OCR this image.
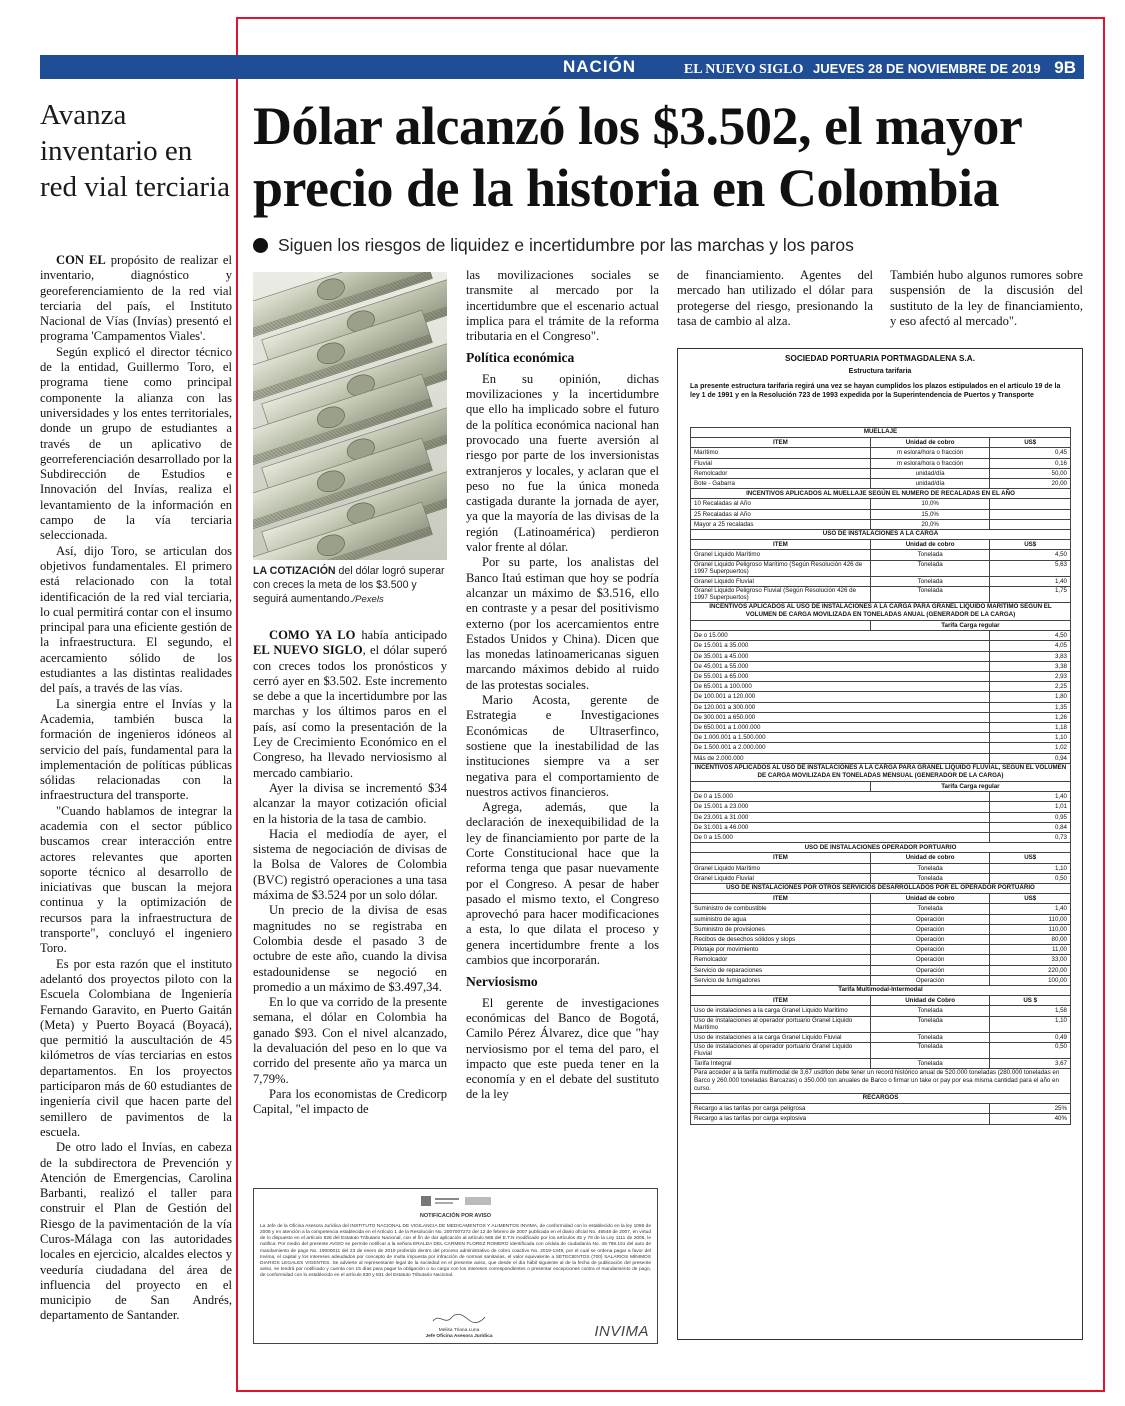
NACIÓN	EL NUEVO SIGLO JUEVES 28 DE NOVIEMBRE DE 2019 9B
Avanza inventario en red vial terciaria

CON EL propósito de realizar el inventario, diagnóstico y georeferenciamiento de la red vial terciaria del país, el Instituto Nacional de Vías (Invías) presentó el programa 'Campamentos Viales'.

Según explicó el director técnico de la entidad, Guillermo Toro, el programa tiene como principal componente la alianza con las universidades y los entes territoriales, donde un grupo de estudiantes a través de un aplicativo de georreferenciación desarrollado por la Subdirección de Estudios e Innovación del Invías, realiza el levantamiento de la información en campo de la vía terciaria seleccionada.

Así, dijo Toro, se articulan dos objetivos fundamentales. El primero está relacionado con la total identificación de la red vial terciaria, lo cual permitirá contar con el insumo principal para una eficiente gestión de la infraestructura. El segundo, el acercamiento sólido de los estudiantes a las distintas realidades del país, a través de las vías.

La sinergia entre el Invías y la Academia, también busca la formación de ingenieros idóneos al servicio del país, fundamental para la implementación de políticas públicas sólidas relacionadas con la infraestructura del transporte.

"Cuando hablamos de integrar la academia con el sector público buscamos crear interacción entre actores relevantes que aporten soporte técnico al desarrollo de iniciativas que buscan la mejora continua y la optimización de recursos para la infraestructura de transporte", concluyó el ingeniero Toro.

Es por esta razón que el instituto adelantó dos proyectos piloto con la Escuela Colombiana de Ingeniería Fernando Garavito, en Puerto Gaitán (Meta) y Puerto Boyacá (Boyacá), que permitió la auscultación de 45 kilómetros de vías terciarias en estos departamentos. En los proyectos participaron más de 60 estudiantes de ingeniería civil que hacen parte del semillero de pavimentos de la escuela.

De otro lado el Invías, en cabeza de la subdirectora de Prevención y Atención de Emergencias, Carolina Barbanti, realizó el taller para construir el Plan de Gestión del Riesgo de la pavimentación de la vía Curos-Málaga con las autoridades locales en ejercicio, alcaldes electos y veeduría ciudadana del área de influencia del proyecto en el municipio de San Andrés, departamento de Santander.

Dólar alcanzó los $3.502, el mayor precio de la historia en Colombia
Siguen los riesgos de liquidez e incertidumbre por las marchas y los paros
LA COTIZACIÓN del dólar logró superar con creces la meta de los $3.500 y seguirá aumentando./Pexels

COMO YA LO había anticipado EL NUEVO SIGLO, el dólar superó con creces todos los pronósticos y cerró ayer en $3.502. Este incremento se debe a que la incertidumbre por las marchas y los últimos paros en el país, así como la presentación de la Ley de Crecimiento Económico en el Congreso, ha llevado nerviosismo al mercado cambiario.

Ayer la divisa se incrementó $34 alcanzar la mayor cotización oficial en la historia de la tasa de cambio.

Hacia el mediodía de ayer, el sistema de negociación de divisas de la Bolsa de Valores de Colombia (BVC) registró operaciones a una tasa máxima de $3.524 por un solo dólar.

Un precio de la divisa de esas magnitudes no se registraba en Colombia desde el pasado 3 de octubre de este año, cuando la divisa estadounidense se negoció en promedio a un máximo de $3.497,34.

En lo que va corrido de la presente semana, el dólar en Colombia ha ganado $93. Con el nivel alcanzado, la devaluación del peso en lo que va corrido del presente año ya marca un 7,79%.

Para los economistas de Credicorp Capital, "el impacto de

las movilizaciones sociales se transmite al mercado por la incertidumbre que el escenario actual implica para el trámite de la reforma tributaria en el Congreso".

Política económica

En su opinión, dichas movilizaciones y la incertidumbre que ello ha implicado sobre el futuro de la política económica nacional han provocado una fuerte aversión al riesgo por parte de los inversionistas extranjeros y locales, y aclaran que el peso no fue la única moneda castigada durante la jornada de ayer, ya que la mayoría de las divisas de la región (Latinoamérica) perdieron valor frente al dólar.

Por su parte, los analistas del Banco Itaú estiman que hoy se podría alcanzar un máximo de $3.516, ello en contraste y a pesar del positivismo externo (por los acercamientos entre Estados Unidos y China). Dicen que las monedas latinoamericanas siguen marcando máximos debido al ruido de las protestas sociales.

Mario Acosta, gerente de Estrategia e Investigaciones Económicas de Ultraserfinco, sostiene que la inestabilidad de las instituciones siempre va a ser negativa para el comportamiento de nuestros activos financieros.

Agrega, además, que la declaración de inexequibilidad de la ley de financiamiento por parte de la Corte Constitucional hace que la reforma tenga que pasar nuevamente por el Congreso. A pesar de haber pasado el mismo texto, el Congreso aprovechó para hacer modificaciones a esta, lo que dilata el proceso y genera incertidumbre frente a los cambios que incorporarán.

Nerviosismo

El gerente de investigaciones económicas del Banco de Bogotá, Camilo Pérez Álvarez, dice que "hay nerviosismo por el tema del paro, el impacto que este pueda tener en la economía y en el debate del sustituto de la ley

de financiamiento. Agentes del mercado han utilizado el dólar para protegerse del riesgo, presionando la tasa de cambio al alza.

También hubo algunos rumores sobre suspensión de la discusión del sustituto de la ley de financiamiento, y eso afectó al mercado".

NOTIFICACIÓN POR AVISO
La Jefe de la Oficina Asesora Jurídica del INSTITUTO NACIONAL DE VIGILANCIA DE MEDICAMENTOS Y ALIMENTOS INVIMA, de conformidad con lo establecido en la ley 1066 de 2006 y en atención a la competencia establecida en el Artículo 1 de la Resolución No. 2007007272 del 12 de febrero de 2007 publicada en el diario oficial No. 46548 de 2007, en virtud de lo dispuesto en el artículo 826 del Estatuto Tributario Nacional, con el fin de dar aplicación al artículo 565 del E.T.N modificado por los artículos 45 y 78 de la Ley 1111 de 2006, le notifica: Por medio del presente AVISO se permite notificar a la señora ERALDA DEL CARMEN FLOREZ ROMERO identificada con cédula de ciudadanía No. 49.769.151 del auto de mandamiento de pago No. 19000011 del 23 de enero de 2019 proferido dentro del proceso administrativo de cobro coactivo No. 2019-1349, por el cual se ordena pagar a favor del Invima, el capital y los intereses adeudados por concepto de multa impuesta por infracción de normas sanitarias, el valor equivalente a SETECIENTOS (700) SALARIOS MÍNIMOS DIARIOS LEGALES VIGENTES. Se advierte al representante legal de la sociedad en el presente aviso, que desde el día hábil siguiente al de la fecha de publicación del presente aviso, se tendrá por notificado y cuenta con 15 días para pagar la obligación o su cargo con los intereses correspondientes o presentar excepciones contra el mandamiento de pago, de conformidad con lo establecido en el artículo 830 y 831 del Estatuto Tributario Nacional.
Melisa Triana Luna
Jefe Oficina Asesora Jurídica	INVIMA
SOCIEDAD PORTUARIA PORTMAGDALENA S.A.
Estructura tarifaria
La presente estructura tarifaria regirá una vez se hayan cumplidos los plazos estipulados en el artículo 19 de la ley 1 de 1991 y en la Resolución 723 de 1993 expedida por la Superintendencia de Puertos y Transporte
MUELLAJE		
ITEM	Unidad de cobro	US$
Marítimo	m eslora/hora o fracción	0,45
Fluvial	m eslora/hora o fracción	0,16
Remolcador	unidad/día	50,00
Bote - Gabarra	unidad/día	20,00
INCENTIVOS APLICADOS AL MUELLAJE SEGÚN EL NUMERO DE RECALADAS EN EL AÑO		
10 Recaladas al Año	10,0%	
25 Recaladas al Año	15,0%	
Mayor a 25 recaladas	20,0%	
USO DE INSTALACIONES A LA CARGA		
ITEM	Unidad de cobro	US$
Granel Liquido Marítimo	Tonelada	4,50
Granel Liquido Peligroso Marítimo (Según Resolución 426 de 1997 Superpuertos)	Tonelada	5,63
Granel Liquido Fluvial	Tonelada	1,40
Granel Liquido Peligroso Fluvial (Según Resolución 426 de 1997 Superpuertos)	Tonelada	1,75
INCENTIVOS APLICADOS AL USO DE INSTALACIONES A LA CARGA PARA GRANEL LÍQUIDO MARÍTIMO SEGÚN EL VOLUMEN DE CARGA MOVILIZADA EN TONELADAS ANUAL (GENERADOR DE LA CARGA)		
	Tarifa Carga regular	
De o 15.000		4,50
De 15.001 a 35.000		4,05
De 35.001 a 45.000		3,83
De 45.001 a 55.000		3,38
De 55.001 a 65.000		2,93
De 65.001 a 100.000		2,25
De 100.001 a 120.000		1,80
De 120.001 a 300.000		1,35
De 300.001 a 650.000		1,26
De 650.001 a 1.000.000		1,18
De 1.000.001 a 1.500.000		1,10
De 1.500.001 a 2.000.000		1,02
Más de 2.000.000		0,94
INCENTIVOS APLICADOS AL USO DE INSTALACIONES A LA CARGA PARA GRANEL LÍQUIDO FLUVIAL, SEGÚN EL VOLUMEN DE CARGA MOVILIZADA EN TONELADAS MENSUAL (GENERADOR DE LA CARGA)		
	Tarifa Carga regular	
De 0 a 15.000		1,40
De 15.001 a 23.000		1,01
De 23.001 a 31.000		0,95
De 31.001 a 46.000		0,84
De 0 a 15.000		0,73
USO DE INSTALACIONES OPERADOR PORTUARIO		
ITEM	Unidad de cobro	US$
Granel Liquido Marítimo	Tonelada	1,10
Granel Liquido Fluvial	Tonelada	0,50
USO DE INSTALACIONES POR OTROS SERVICIOS DESARROLLADOS POR EL OPERADOR PORTUARIO		
ITEM	Unidad de cobro	US$
Suministro de combustible	Tonelada	1,40
suministro de agua	Operación	110,00
Suministro de provisiones	Operación	110,00
Recibos de desechos sólidos y slops	Operación	80,00
Pilotaje por movimiento	Operación	11,00
Remolcador	Operación	33,00
Servicio de reparaciones	Operación	220,00
Servicio de fumigadores	Operación	100,00
Tarifa Multimodal-Intermodal		
ITEM	Unidad de Cobro	US $
Uso de instalaciones a la carga Granel Liquido Marítimo	Tonelada	1,58
Uso de instalaciones al operador portuario Granel Liquido Marítimo	Tonelada	1,10
Uso de instalaciones a la carga Granel Liquido Fluvial	Tonelada	0,49
Uso de instalaciones al operador portuario Granel Liquido Fluvial	Tonelada	0,50
Tarifa Integral	Tonelada	3,67
Para acceder a la tarifa multimodal de 3,67 usd/ton debe tener un record histórico anual de 520.000 toneladas (280.000 toneladas en Barco y 260.000 toneladas Barcazas) o 350.000 ton anuales de Barco o firmar un take or pay por esa misma cantidad para el año en curso.		
RECARGOS		
Recargo a las tarifas por carga peligrosa		25%
Recargo a las tarifas por carga explosiva		40%
